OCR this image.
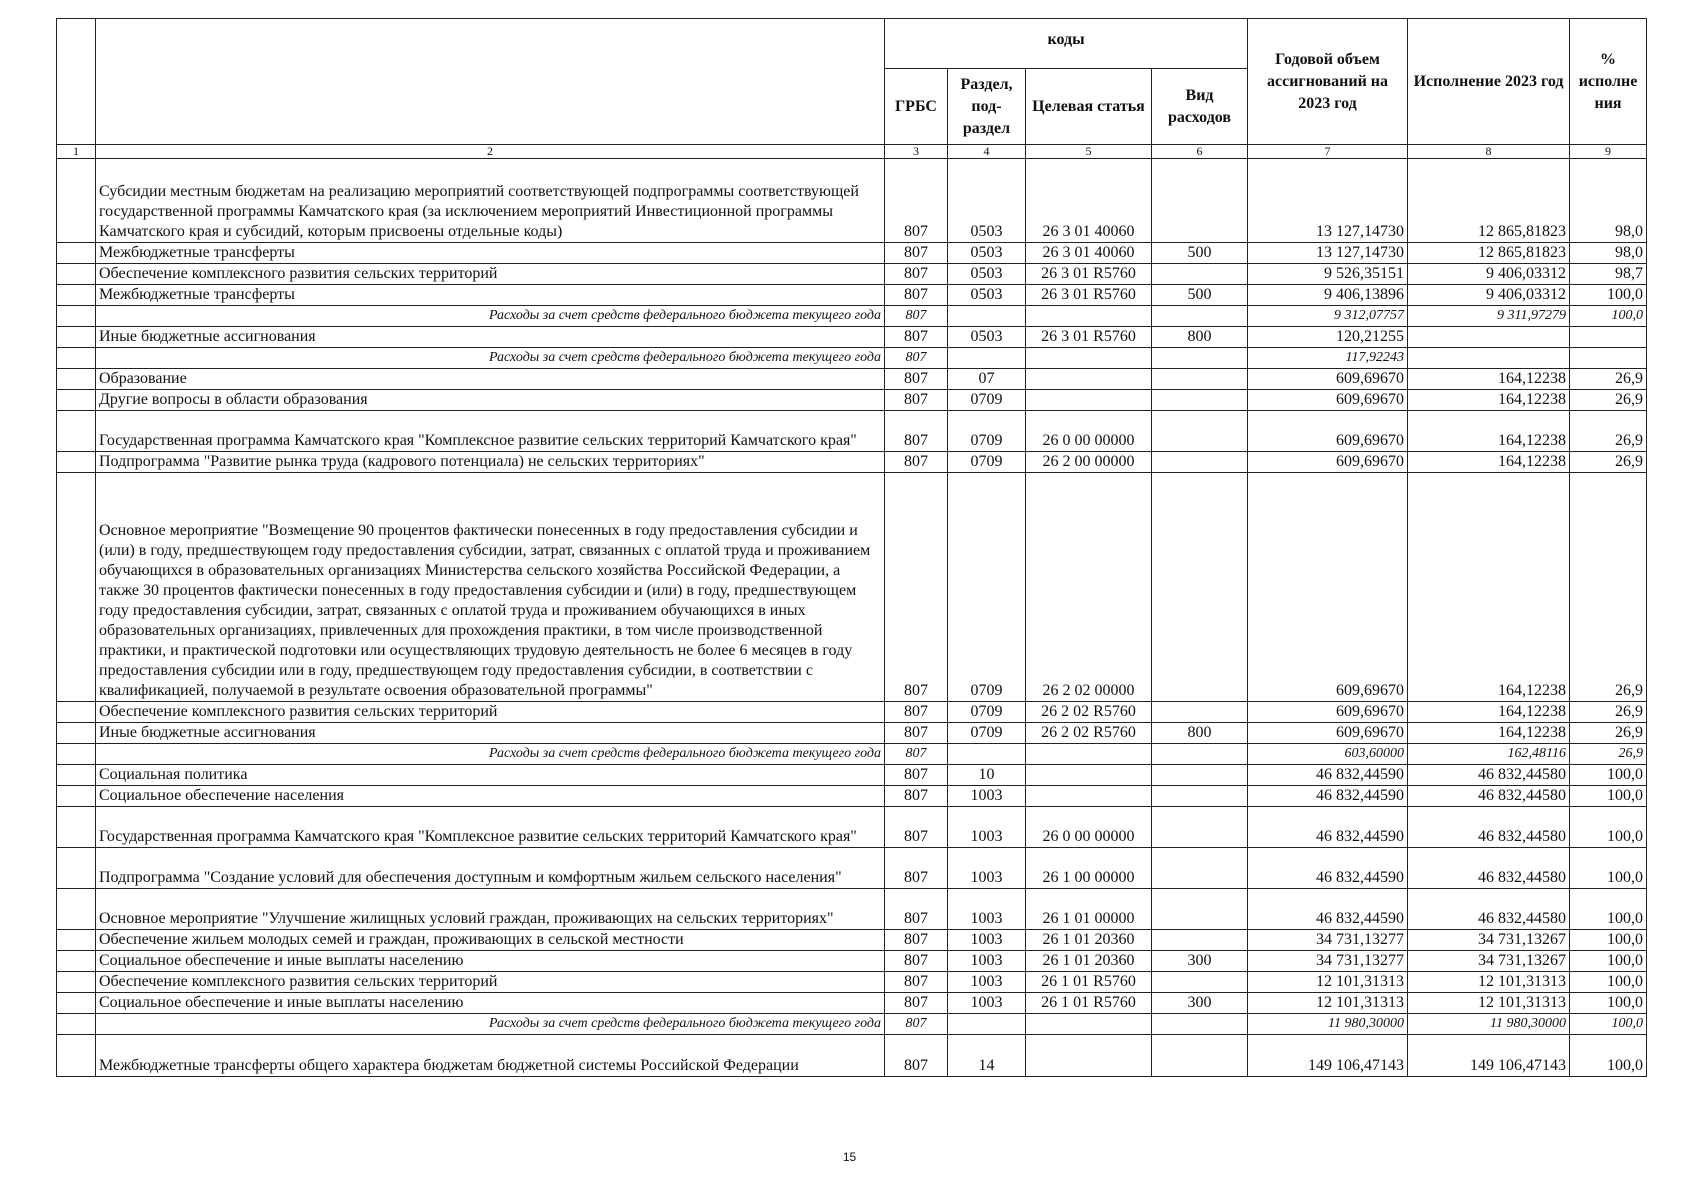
		коды				Годовой объем ассигнований на 2023 год	Исполнение 2023 год	% исполне ния
		ГРБС	Раздел, под- раздел	Целевая статья	Вид расходов			
1	2	3	4	5	6	7	8	9
	Субсидии местным бюджетам на реализацию мероприятий соответствующей подпрограммы соответствующей государственной программы Камчатского края (за исключением мероприятий Инвестиционной программы Камчатского края и субсидий, которым присвоены отдельные коды)	807	0503	26 3 01 40060		13 127,14730	12 865,81823	98,0
	Межбюджетные трансферты	807	0503	26 3 01 40060	500	13 127,14730	12 865,81823	98,0
	Обеспечение комплексного развития сельских территорий	807	0503	26 3 01 R5760		9 526,35151	9 406,03312	98,7
	Межбюджетные трансферты	807	0503	26 3 01 R5760	500	9 406,13896	9 406,03312	100,0
	Расходы за счет средств федерального бюджета текущего года	807				9 312,07757	9 311,97279	100,0
	Иные бюджетные ассигнования	807	0503	26 3 01 R5760	800	120,21255		
	Расходы за счет средств федерального бюджета текущего года	807				117,92243		
	Образование	807	07			609,69670	164,12238	26,9
	Другие вопросы в области образования	807	0709			609,69670	164,12238	26,9
	Государственная программа Камчатского края "Комплексное развитие сельских территорий Камчатского края"	807	0709	26 0 00 00000		609,69670	164,12238	26,9
	Подпрограмма "Развитие рынка труда (кадрового потенциала) не сельских территориях"	807	0709	26 2 00 00000		609,69670	164,12238	26,9
	Основное мероприятие "Возмещение 90 процентов фактически понесенных в году предоставления субсидии и (или) в году, предшествующем году предоставления субсидии, затрат, связанных с оплатой труда и проживанием обучающихся в образовательных организациях Министерства сельского хозяйства Российской Федерации, а также 30 процентов фактически понесенных в году предоставления субсидии и (или) в году, предшествующем году предоставления субсидии, затрат, связанных с оплатой труда и проживанием обучающихся в иных образовательных организациях, привлеченных для прохождения практики, в том числе производственной практики, и практической подготовки или осуществляющих трудовую деятельность не более 6 месяцев в году предоставления субсидии или в году, предшествующем году предоставления субсидии, в соответствии с квалификацией, получаемой в результате освоения образовательной программы"	807	0709	26 2 02 00000		609,69670	164,12238	26,9
	Обеспечение комплексного развития сельских территорий	807	0709	26 2 02 R5760		609,69670	164,12238	26,9
	Иные бюджетные ассигнования	807	0709	26 2 02 R5760	800	609,69670	164,12238	26,9
	Расходы за счет средств федерального бюджета текущего года	807				603,60000	162,48116	26,9
	Социальная политика	807	10			46 832,44590	46 832,44580	100,0
	Социальное обеспечение населения	807	1003			46 832,44590	46 832,44580	100,0
	Государственная программа Камчатского края "Комплексное развитие сельских территорий Камчатского края"	807	1003	26 0 00 00000		46 832,44590	46 832,44580	100,0
	Подпрограмма "Создание условий для обеспечения доступным и комфортным жильем сельского населения"	807	1003	26 1 00 00000		46 832,44590	46 832,44580	100,0
	Основное мероприятие "Улучшение жилищных условий граждан, проживающих на сельских территориях"	807	1003	26 1 01 00000		46 832,44590	46 832,44580	100,0
	Обеспечение жильем молодых семей и граждан, проживающих в сельской местности	807	1003	26 1 01 20360		34 731,13277	34 731,13267	100,0
	Социальное обеспечение и иные выплаты населению	807	1003	26 1 01 20360	300	34 731,13277	34 731,13267	100,0
	Обеспечение комплексного развития сельских территорий	807	1003	26 1 01 R5760		12 101,31313	12 101,31313	100,0
	Социальное обеспечение и иные выплаты населению	807	1003	26 1 01 R5760	300	12 101,31313	12 101,31313	100,0
	Расходы за счет средств федерального бюджета текущего года	807				11 980,30000	11 980,30000	100,0
	Межбюджетные трансферты общего характера бюджетам бюджетной системы Российской Федерации	807	14			149 106,47143	149 106,47143	100,0
15
